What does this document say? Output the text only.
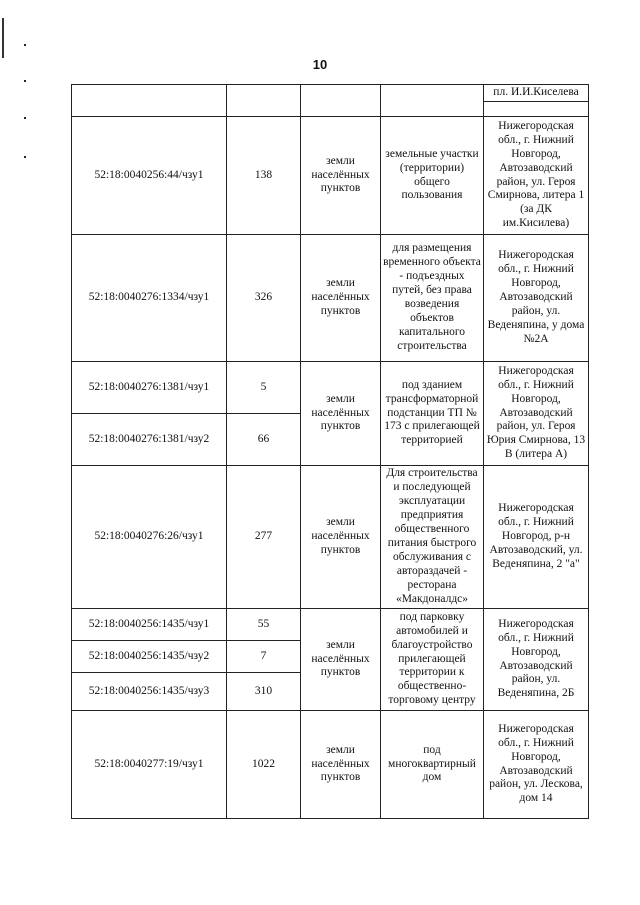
10
				пл. И.И.Киселева

52:18:0040256:44/чзу1	138	земли населённых пунктов	земельные участки (территории) общего пользования	Нижегородская обл., г. Нижний Новгород, Автозаводский район, ул. Героя Смирнова, литера 1 (за ДК им.Кисилева)
52:18:0040276:1334/чзу1	326	земли населённых пунктов	для размещения временного объекта - подъездных путей, без права возведения объектов капитального строительства	Нижегородская обл., г. Нижний Новгород, Автозаводский район, ул. Веденяпина, у дома №2А
52:18:0040276:1381/чзу1	5	земли населённых пунктов	под зданием трансформаторной подстанции ТП № 173 с прилегающей территорией	Нижегородская обл., г. Нижний Новгород, Автозаводский район, ул. Героя Юрия Смирнова, 13 В (литера А)
52:18:0040276:1381/чзу2	66			
52:18:0040276:26/чзу1	277	земли населённых пунктов	Для строительства и последующей эксплуатации предприятия общественного питания быстрого обслуживания с автораздачей - ресторана «Макдоналдс»	Нижегородская обл., г. Нижний Новгород, р-н Автозаводский, ул. Веденяпина, 2 "а"
52:18:0040256:1435/чзу1	55	земли населённых пунктов	под парковку автомобилей и благоустройство прилегающей территории к общественно-торговому центру	Нижегородская обл., г. Нижний Новгород, Автозаводский район, ул. Веденяпина, 2Б
52:18:0040256:1435/чзу2	7			
52:18:0040256:1435/чзу3	310			
52:18:0040277:19/чзу1	1022	земли населённых пунктов	под многоквартирный дом	Нижегородская обл., г. Нижний Новгород, Автозаводский район, ул. Лескова, дом 14
